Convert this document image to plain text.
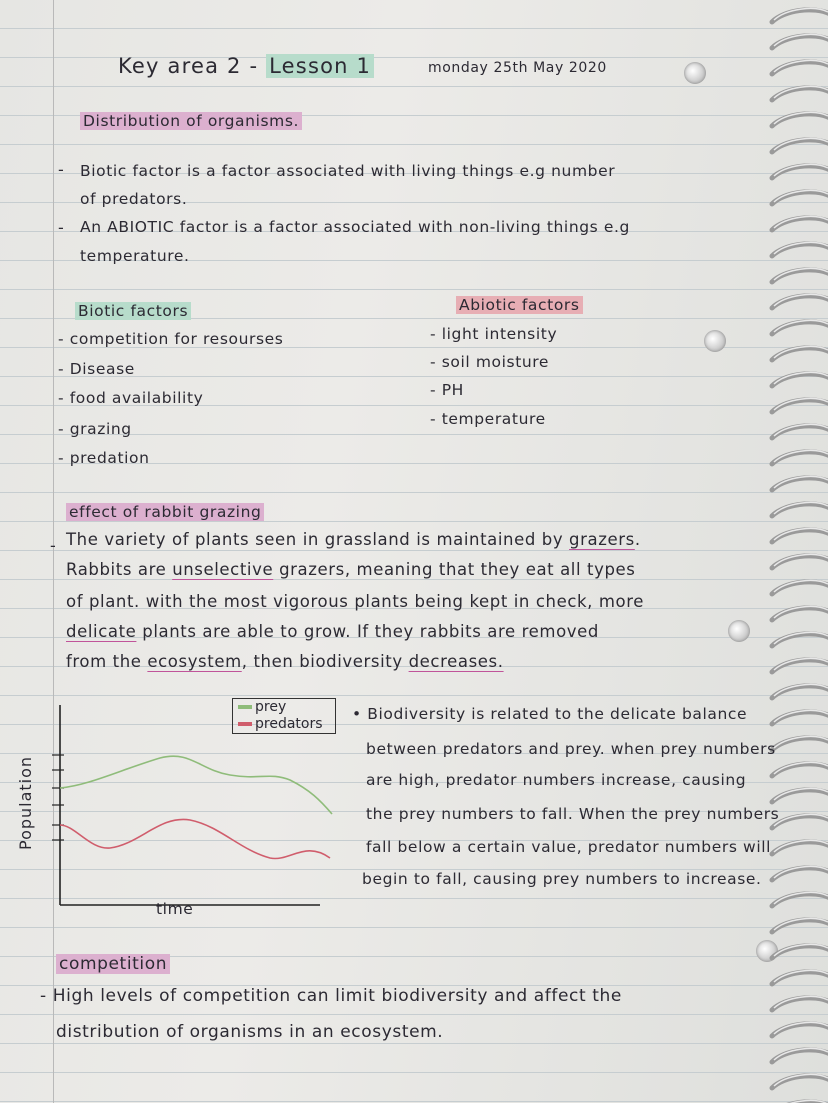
Key area 2 - Lesson 1	monday 25th May 2020
Distribution of organisms.
- Biotic factor is a factor associated with living things e.g number
of predators.
- An ABIOTIC factor is a factor associated with non-living things e.g
temperature.
Biotic factors	Abiotic factors
- competition for resourses
- Disease
- food availability
- grazing
- predation
- light intensity
- soil moisture
- PH
- temperature
effect of rabbit grazing
- The variety of plants seen in grassland is maintained by grazers.
Rabbits are unselective grazers, meaning that they eat all types
of plant. with the most vigorous plants being kept in check, more
delicate plants are able to grow. If they rabbits are removed
from the ecosystem, then biodiversity decreases.
Population
time
prey
predators
• Biodiversity is related to the delicate balance
between predators and prey. when prey numbers
are high, predator numbers increase, causing
the prey numbers to fall. When the prey numbers
fall below a certain value, predator numbers will
begin to fall, causing prey numbers to increase.
competition
- High levels of competition can limit biodiversity and affect the
distribution of organisms in an ecosystem.
